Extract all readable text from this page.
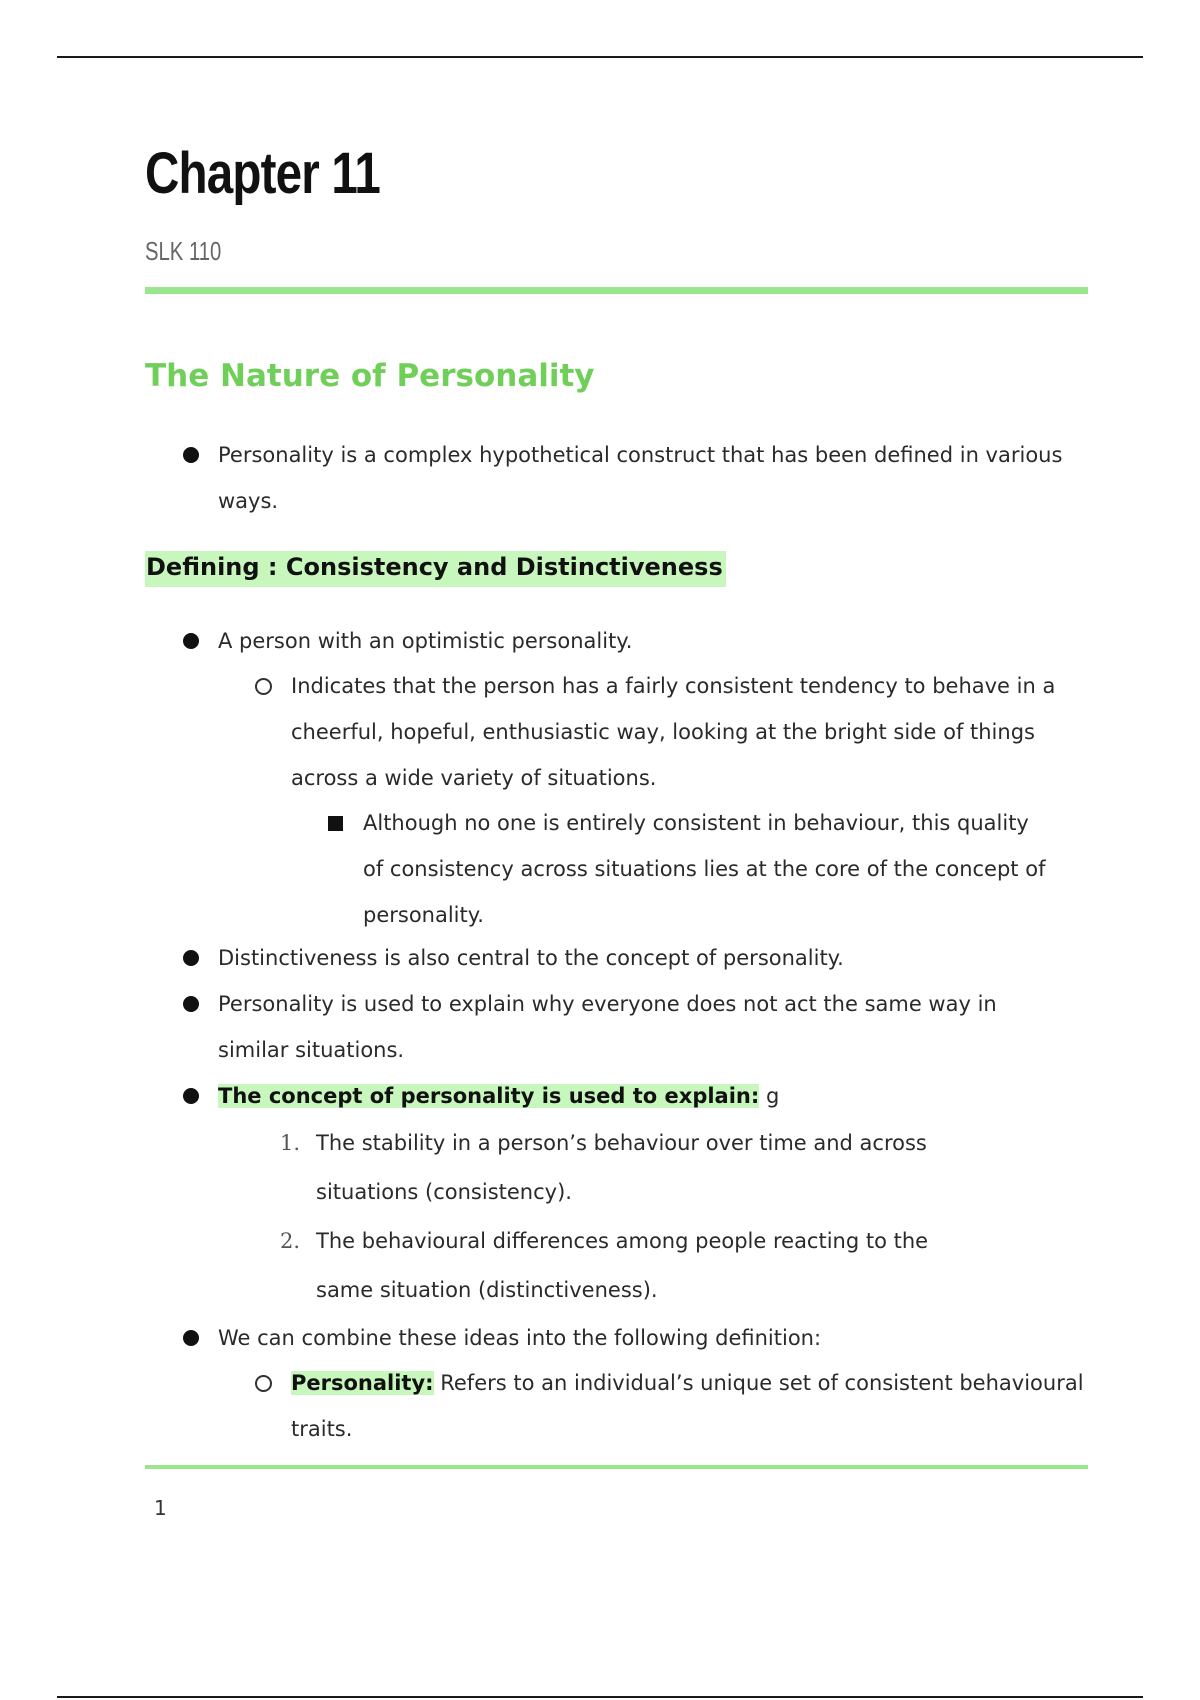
Chapter 11
SLK 110
The Nature of Personality
Personality is a complex hypothetical construct that has been defined in various ways.
Defining : Consistency and Distinctiveness
A person with an optimistic personality.
Indicates that the person has a fairly consistent tendency to behave in a cheerful, hopeful, enthusiastic way, looking at the bright side of things across a wide variety of situations.
Although no one is entirely consistent in behaviour, this quality of consistency across situations lies at the core of the concept of personality.
Distinctiveness is also central to the concept of personality.
Personality is used to explain why everyone does not act the same way in similar situations.
The concept of personality is used to explain: g
1. The stability in a person’s behaviour over time and across situations (consistency).
2. The behavioural differences among people reacting to the same situation (distinctiveness).
We can combine these ideas into the following definition:
Personality: Refers to an individual’s unique set of consistent behavioural traits.
1
